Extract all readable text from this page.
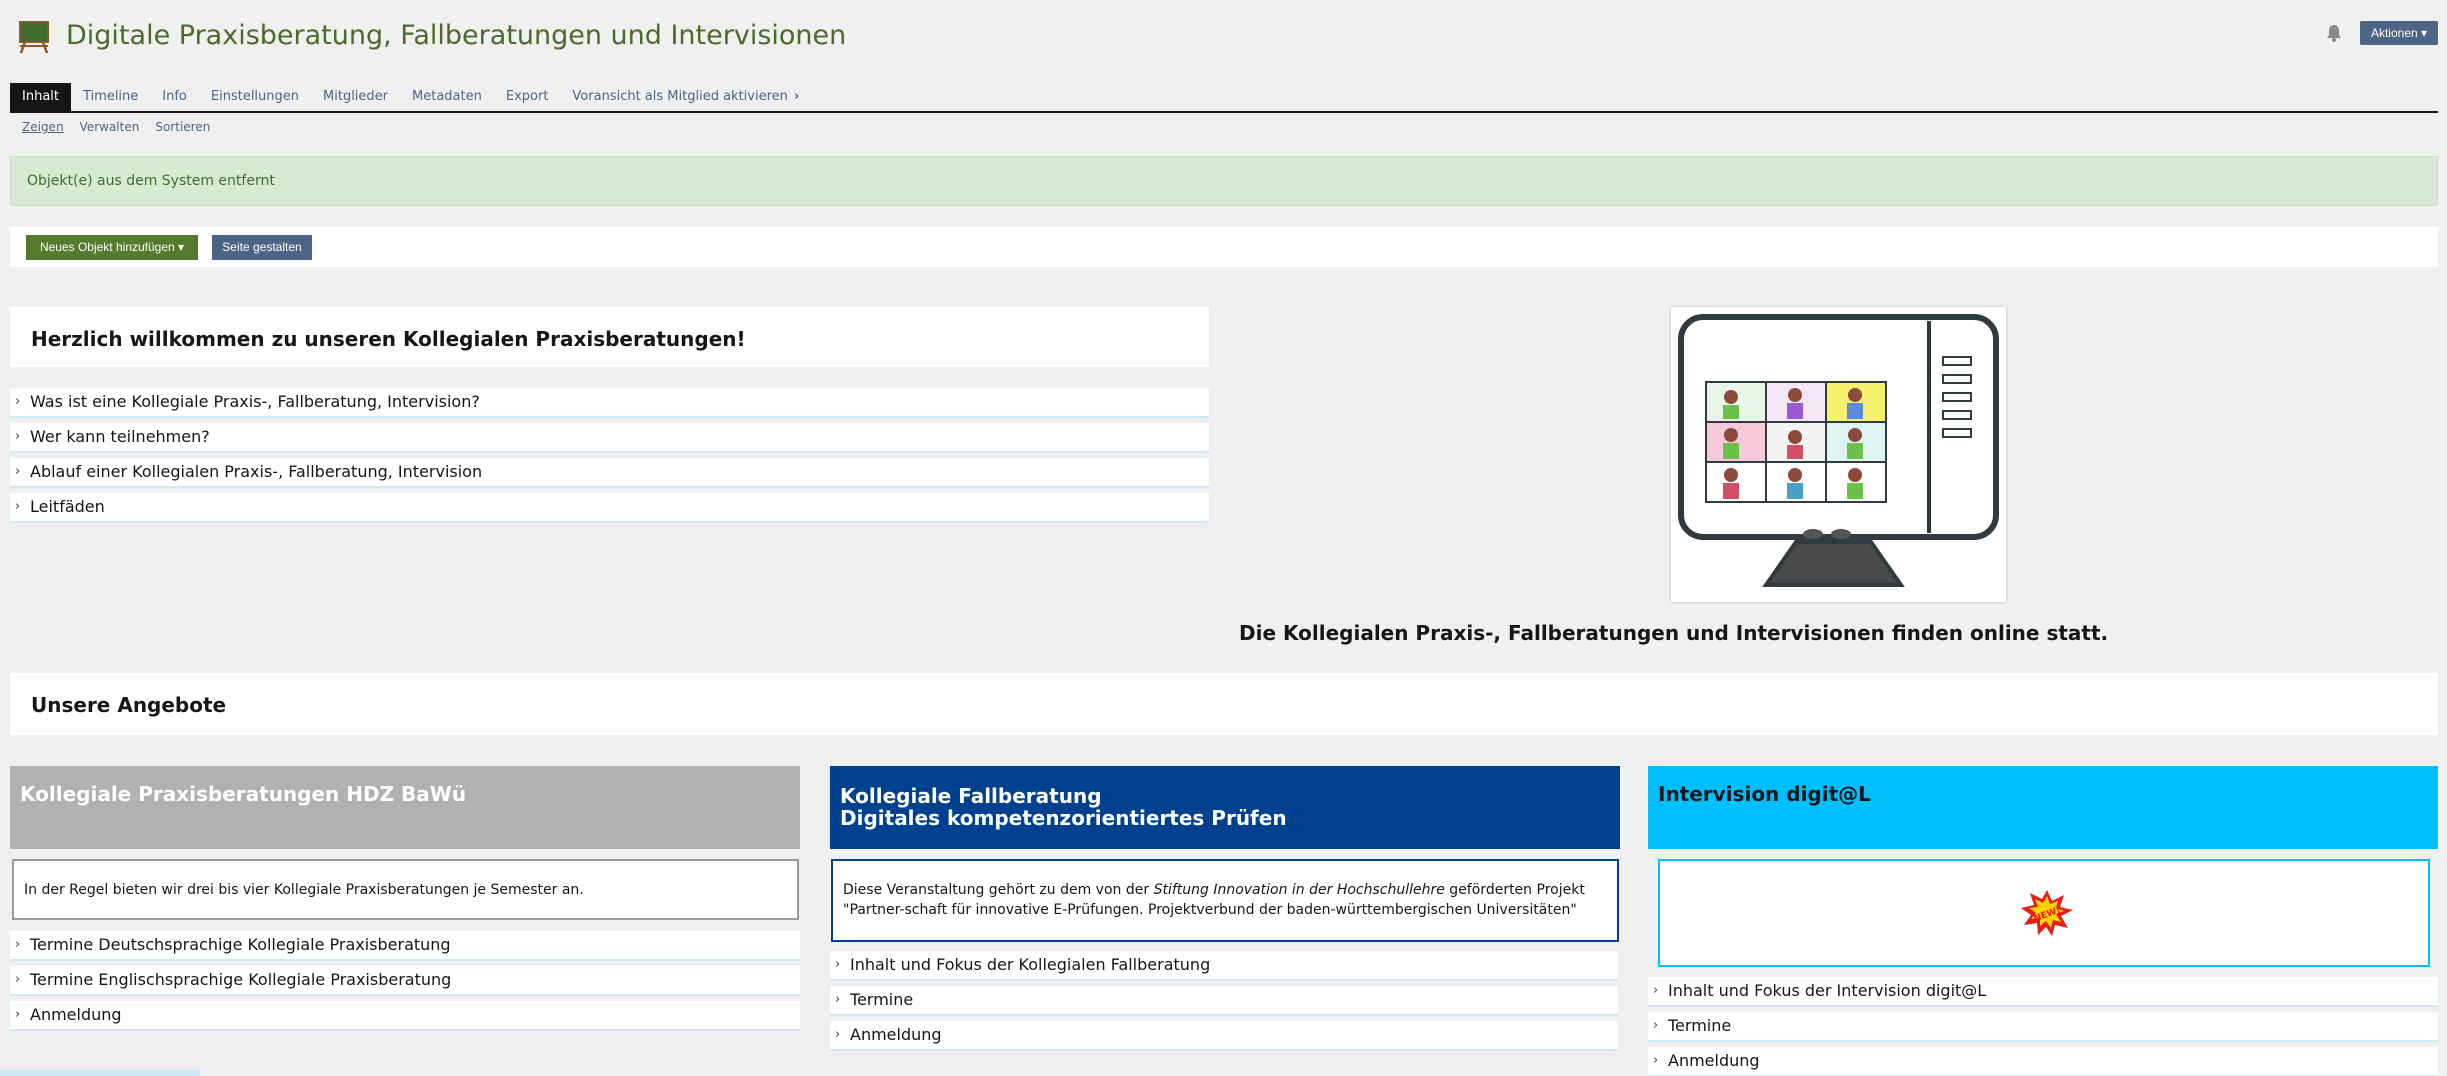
Digitale Praxisberatung, Fallberatungen und Intervisionen	Aktionen ▾
Inhalt	Timeline	Info	Einstellungen	Mitglieder	Metadaten	Export	Voransicht als Mitglied aktivieren ›
Zeigen Verwalten Sortieren
Objekt(e) aus dem System entfernt
Neues Objekt hinzufügen ▾	Seite gestalten
Herzlich willkommen zu unseren Kollegialen Praxisberatungen!
› Was ist eine Kollegiale Praxis-, Fallberatung, Intervision?
› Wer kann teilnehmen?
› Ablauf einer Kollegialen Praxis-, Fallberatung, Intervision
› Leitfäden
Die Kollegialen Praxis-, Fallberatungen und Intervisionen finden online statt.
Unsere Angebote
Kollegiale Praxisberatungen HDZ BaWü
In der Regel bieten wir drei bis vier Kollegiale Praxisberatungen je Semester an.
› Termine Deutschsprachige Kollegiale Praxisberatung
› Termine Englischsprachige Kollegiale Praxisberatung
› Anmeldung
Kollegiale Fallberatung
Digitales kompetenzorientiertes Prüfen
Diese Veranstaltung gehört zu dem von der Stiftung Innovation in der Hochschullehre geförderten Projekt "Partner-schaft für innovative E-Prüfungen. Projektverbund der baden-württembergischen Universitäten"
› Inhalt und Fokus der Kollegialen Fallberatung
› Termine
› Anmeldung
Intervision digit@L
NEW!
› Inhalt und Fokus der Intervision digit@L
› Termine
› Anmeldung
